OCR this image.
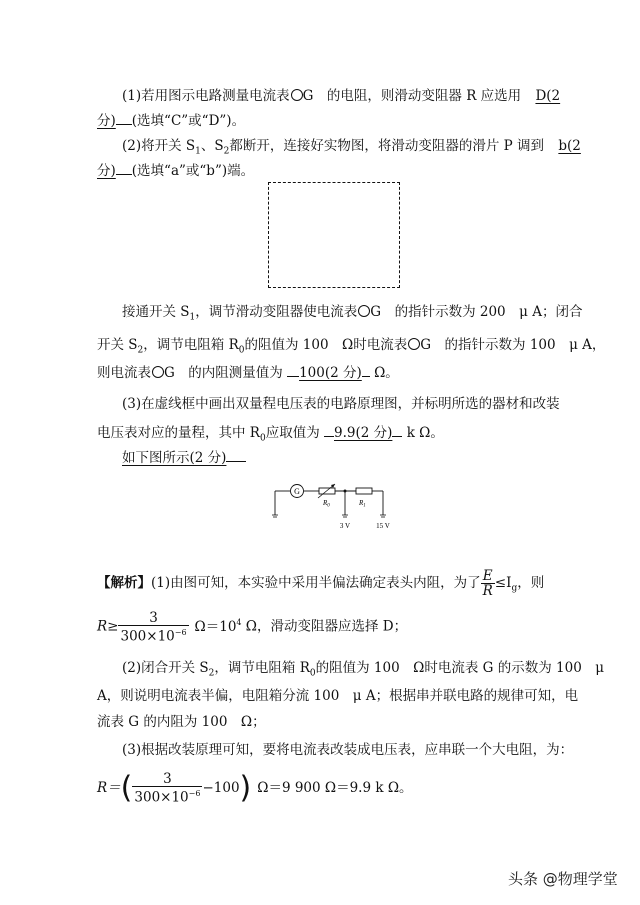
(1)若用图示电路测量电流表 G　的电阻，则滑动变阻器 R 应选用 D(2
分) (选填“C”或“D”)。
(2)将开关 $S_1$、$S_2$都断开，连接好实物图，将滑动变阻器的滑片 P 调到 b(2
分) (选填“a”或“b”)端。
接通开关 $S_1$，调节滑动变阻器使电流表 G　的指针示数为 200　μ A；闭合
开关 $S_2$，调节电阻箱 $R_0$的阻值为 100　Ω时电流表 G　的指针示数为 100　μ A，
则电流表 G　的内阻测量值为 100(2 分) Ω。
(3)在虚线框中画出双量程电压表的电路原理图，并标明所选的器材和改装
电压表对应的量程，其中 $R_0$应取值为 9.9(2 分) k Ω。
如下图所示(2 分)
G
$R_0$	$R_1$
3 V	15 V
【解析】(1)由图可知，本实验中采用半偏法确定表头内阻，为了 $\frac{E}{R} \le I_g$，则
$R\ge \frac{3}{300\times 10^{-6}} \Omega=10^4$ Ω，滑动变阻器应选择 D；
(2)闭合开关 $S_2$，调节电阻箱 $R_0$的阻值为 100　Ω时电流表 G 的示数为 100　μ
A，则说明电流表半偏，电阻箱分流 100　μ A；根据串并联电路的规律可知，电
流表 G 的内阻为 100　Ω；
(3)根据改装原理可知，要将电流表改装成电压表，应串联一个大电阻，为：
$R=( \frac{3}{300\times 10^{-6}} -100)$ Ω＝9 900 Ω＝9.9 k Ω。
头条 @物理学堂
